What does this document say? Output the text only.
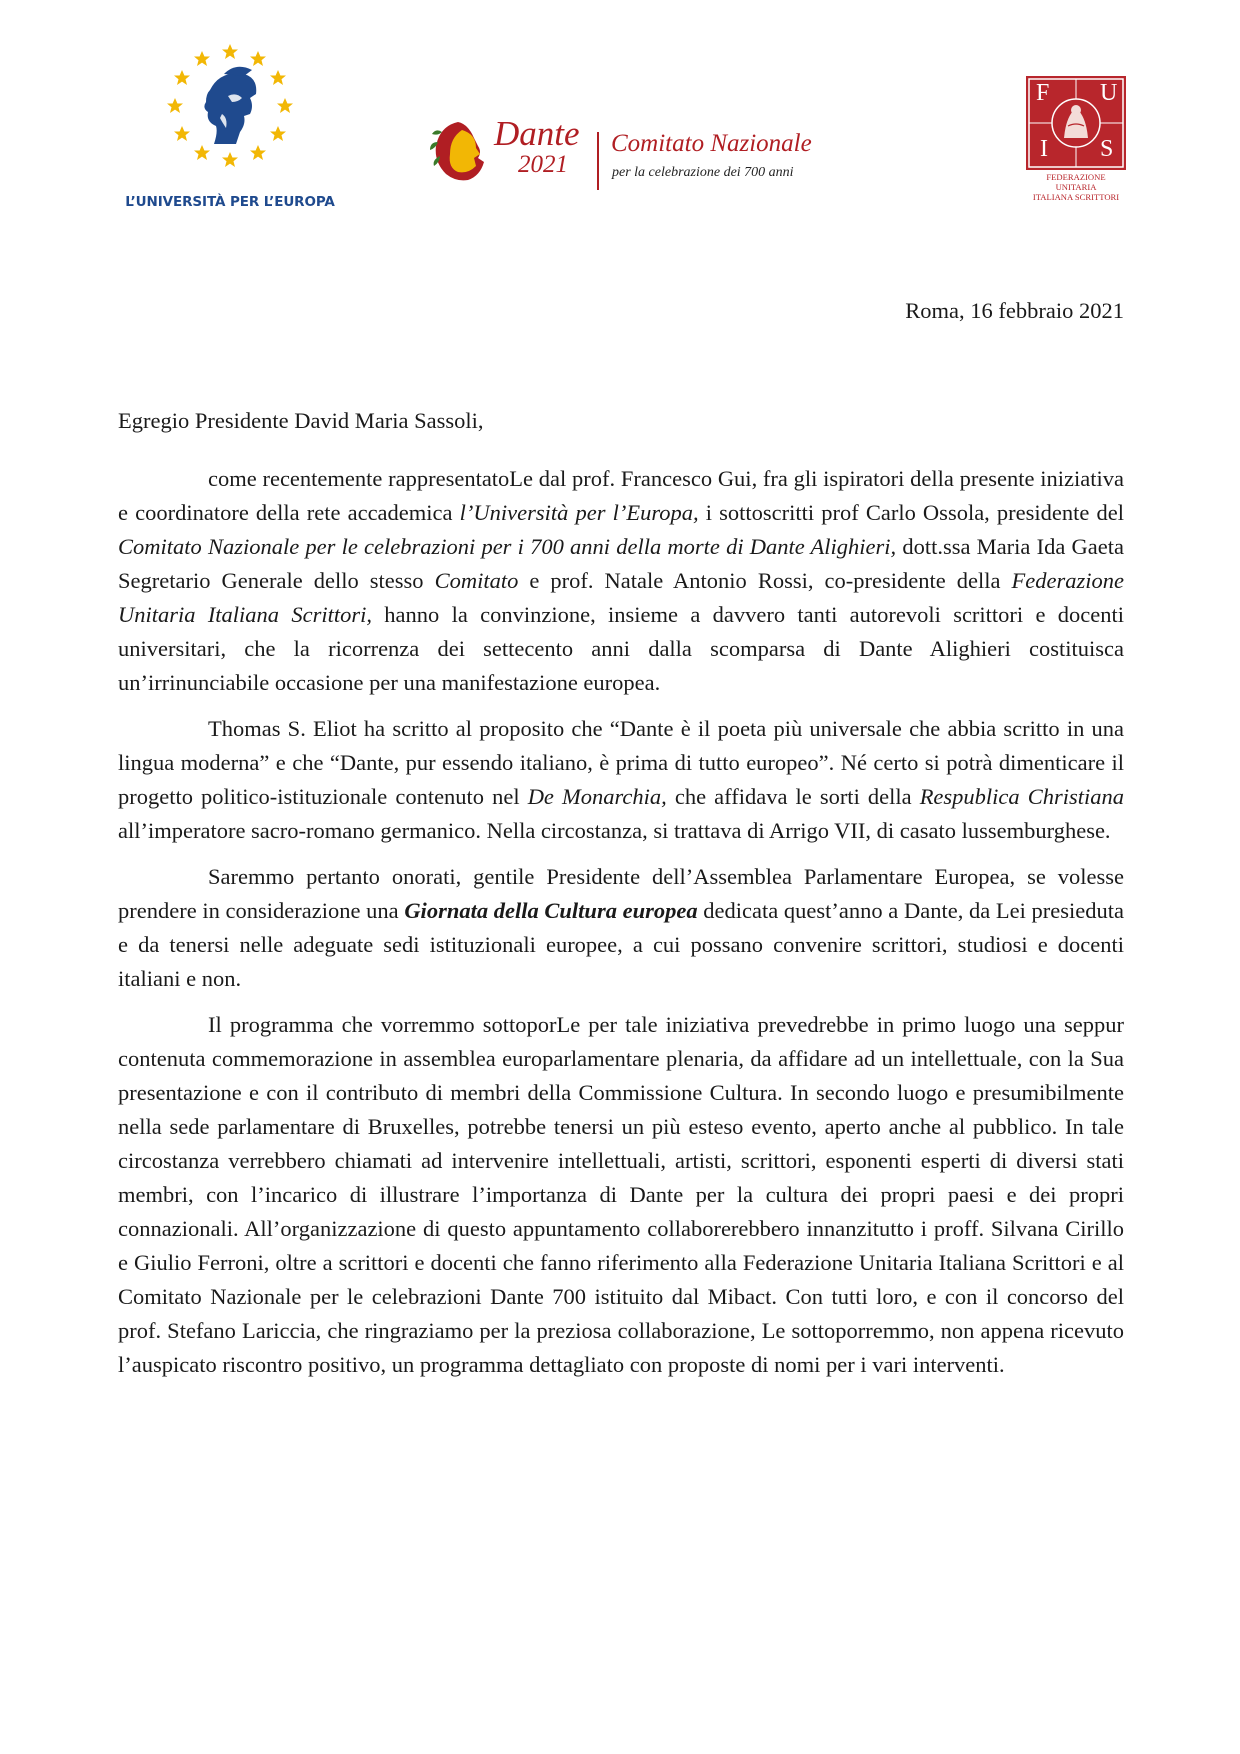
L’UNIVERSITÀ PER L’EUROPA
Dante
2021
Comitato Nazionale
per la celebrazione dei 700 anni
F U
I S
FEDERAZIONE UNITARIA
ITALIANA SCRITTORI
Roma, 16 febbraio 2021
Egregio Presidente David Maria Sassoli,

come recentemente rappresentatoLe dal prof. Francesco Gui, fra gli ispiratori della presente iniziativa e coordinatore della rete accademica l’Università per l’Europa, i sottoscritti prof Carlo Ossola, presidente del Comitato Nazionale per le celebrazioni per i 700 anni della morte di Dante Alighieri, dott.ssa Maria Ida Gaeta Segretario Generale dello stesso Comitato e prof. Natale Antonio Rossi, co-presidente della Federazione Unitaria Italiana Scrittori, hanno la convinzione, insieme a davvero tanti autorevoli scrittori e docenti universitari, che la ricorrenza dei settecento anni dalla scomparsa di Dante Alighieri costituisca un’irrinunciabile occasione per una manifestazione europea.

Thomas S. Eliot ha scritto al proposito che “Dante è il poeta più universale che abbia scritto in una lingua moderna” e che “Dante, pur essendo italiano, è prima di tutto europeo”. Né certo si potrà dimenticare il progetto politico-istituzionale contenuto nel De Monarchia, che affidava le sorti della Respublica Christiana all’imperatore sacro-romano germanico. Nella circostanza, si trattava di Arrigo VII, di casato lussemburghese.

Saremmo pertanto onorati, gentile Presidente dell’Assemblea Parlamentare Europea, se volesse prendere in considerazione una Giornata della Cultura europea dedicata quest’anno a Dante, da Lei presieduta e da tenersi nelle adeguate sedi istituzionali europee, a cui possano convenire scrittori, studiosi e docenti italiani e non.

Il programma che vorremmo sottoporLe per tale iniziativa prevedrebbe in primo luogo una seppur contenuta commemorazione in assemblea europarlamentare plenaria, da affidare ad un intellettuale, con la Sua presentazione e con il contributo di membri della Commissione Cultura. In secondo luogo e presumibilmente nella sede parlamentare di Bruxelles, potrebbe tenersi un più esteso evento, aperto anche al pubblico. In tale circostanza verrebbero chiamati ad intervenire intellettuali, artisti, scrittori, esponenti esperti di diversi stati membri, con l’incarico di illustrare l’importanza di Dante per la cultura dei propri paesi e dei propri connazionali. All’organizzazione di questo appuntamento collaborerebbero innanzitutto i proff. Silvana Cirillo e Giulio Ferroni, oltre a scrittori e docenti che fanno riferimento alla Federazione Unitaria Italiana Scrittori e al Comitato Nazionale per le celebrazioni Dante 700 istituito dal Mibact. Con tutti loro, e con il concorso del prof. Stefano Lariccia, che ringraziamo per la preziosa collaborazione, Le sottoporremmo, non appena ricevuto l’auspicato riscontro positivo, un programma dettagliato con proposte di nomi per i vari interventi.
